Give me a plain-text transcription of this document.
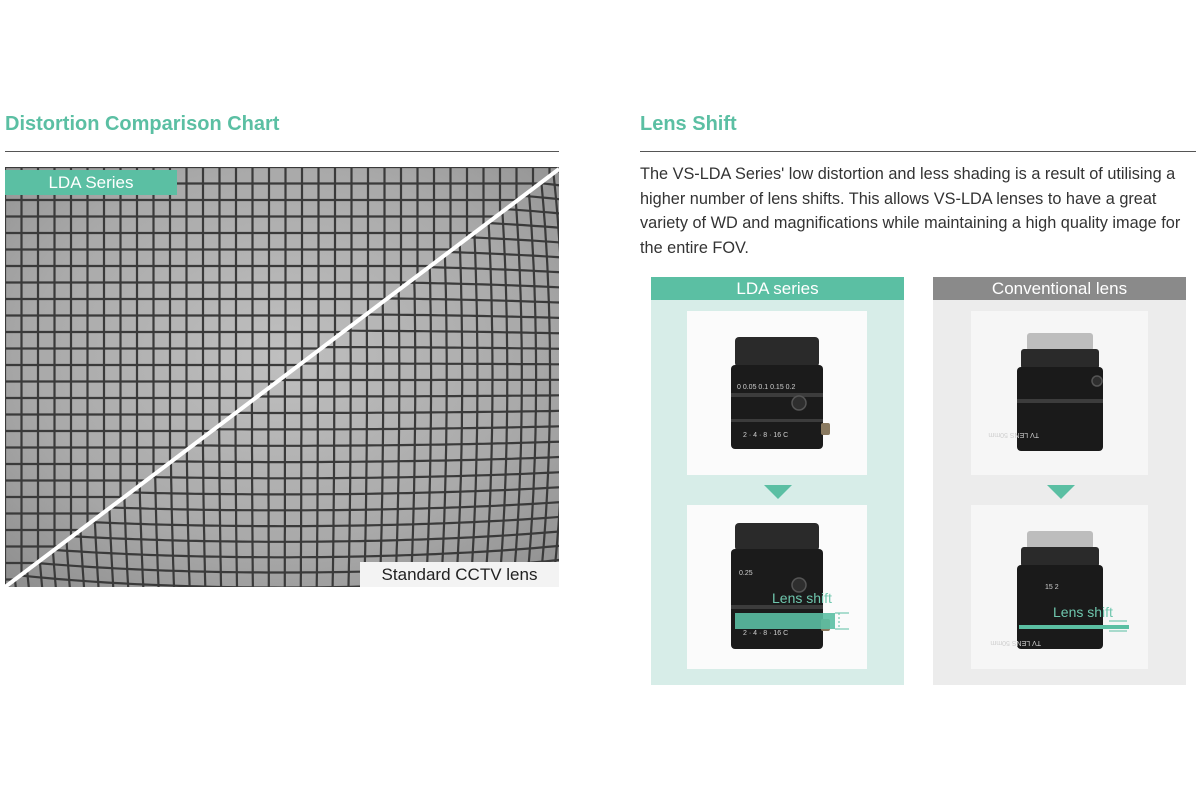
Distortion Comparison Chart
LDA Series
Standard CCTV lens
Lens Shift

The VS-LDA Series' low distortion and less shading is a result of utilising a higher number of lens shifts. This allows VS-LDA lenses to have a great variety of WD and magnifications while maintaining a high quality image for the entire FOV.

LDA series
0 0.05 0.1 0.15 0.2
2 · 4 · 8 · 16 C
0.25
2 · 4 · 8 · 16 C
Lens shift
Conventional lens
TV LENS 50mm
15 2
TV LENS 50mm
Lens shift
